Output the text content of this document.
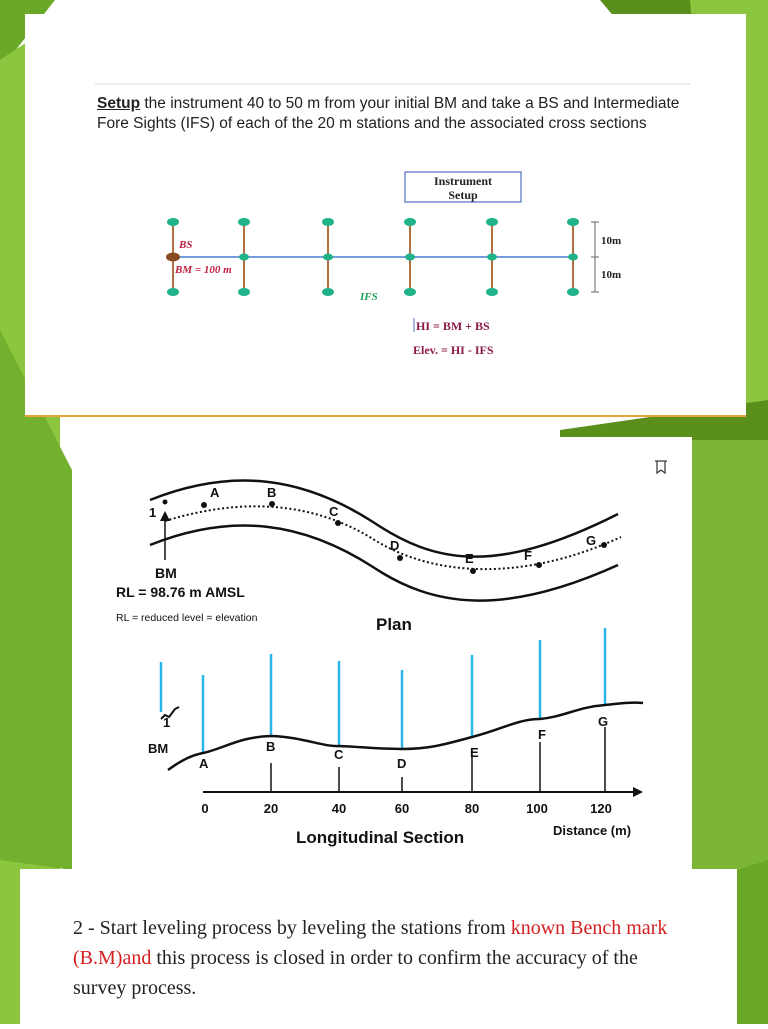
Instrument
Setup
10m
10m
BS
BM = 100 m
IFS
HI = BM + BS
Elev. = HI - IFS
Setup the instrument 40 to 50 m from your initial BM and take a BS and Intermediate Fore Sights (IFS) of each of the 20 m stations and the associated cross sections
1
A	B
C
D
E	F
G
BM
RL = 98.76 m AMSL
RL = reduced level = elevation	Plan
1
BM
A
B
C
D
E
F
G
0	20	40	60	80	100	120
Longitudinal Section	Distance (m)
2 - Start leveling process by leveling the stations from known Bench mark (B.M)and this process is closed in order to confirm the accuracy of the survey process.
